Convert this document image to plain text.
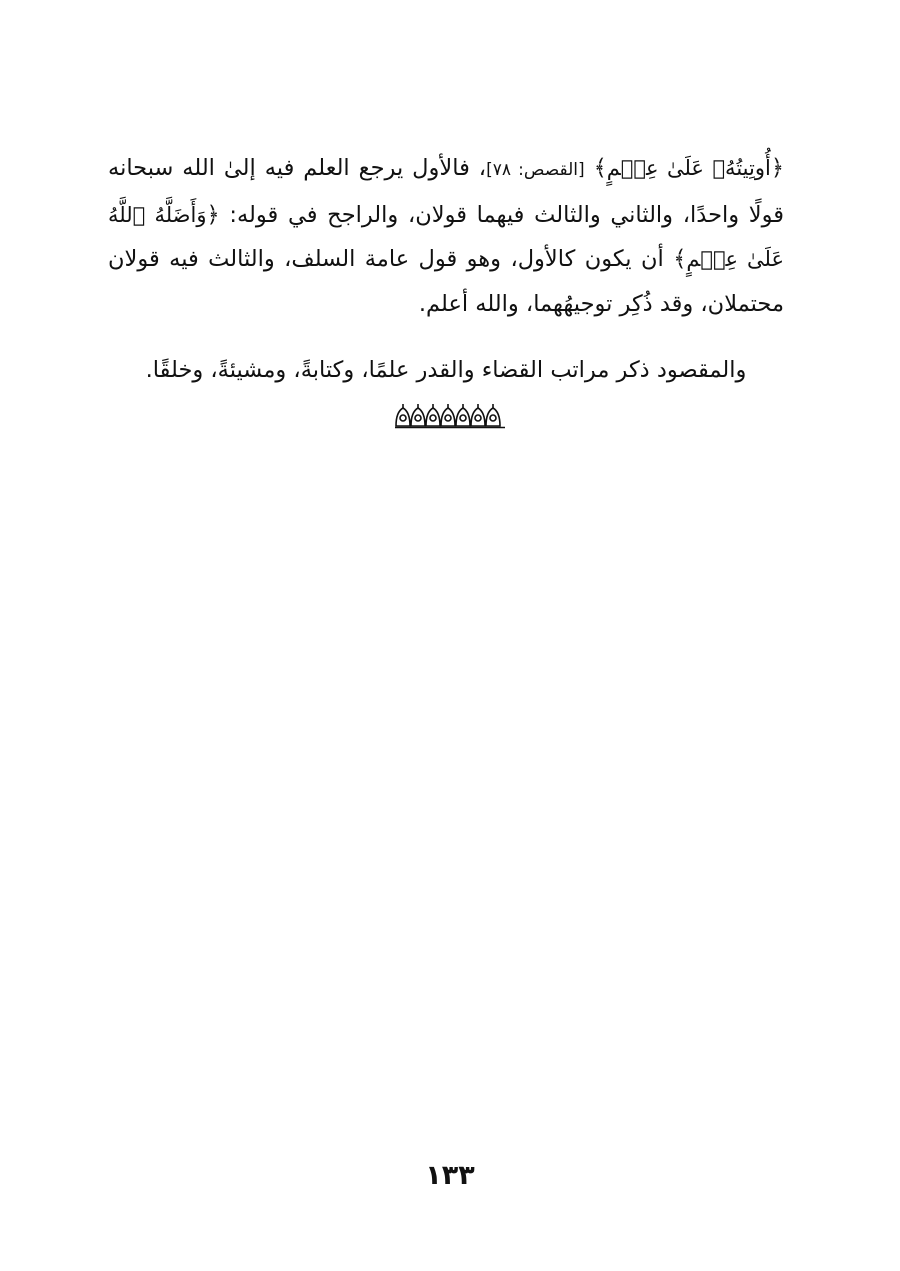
﴿أُوتِيتُهُۥ عَلَىٰ عِلۡمٍ﴾ [القصص: ٧٨]، فالأول يرجع العلم فيه إلىٰ الله سبحانه قولًا واحدًا، والثاني والثالث فيهما قولان، والراجح في قوله: ﴿وَأَضَلَّهُ ٱللَّهُ عَلَىٰ عِلۡمٍ﴾ أن يكون كالأول، وهو قول عامة السلف، والثالث فيه قولان محتملان، وقد ذُكِر توجيهُهما، والله أعلم.

والمقصود ذكر مراتب القضاء والقدر علمًا، وكتابةً، ومشيئةً، وخلقًا.

١٣٣
